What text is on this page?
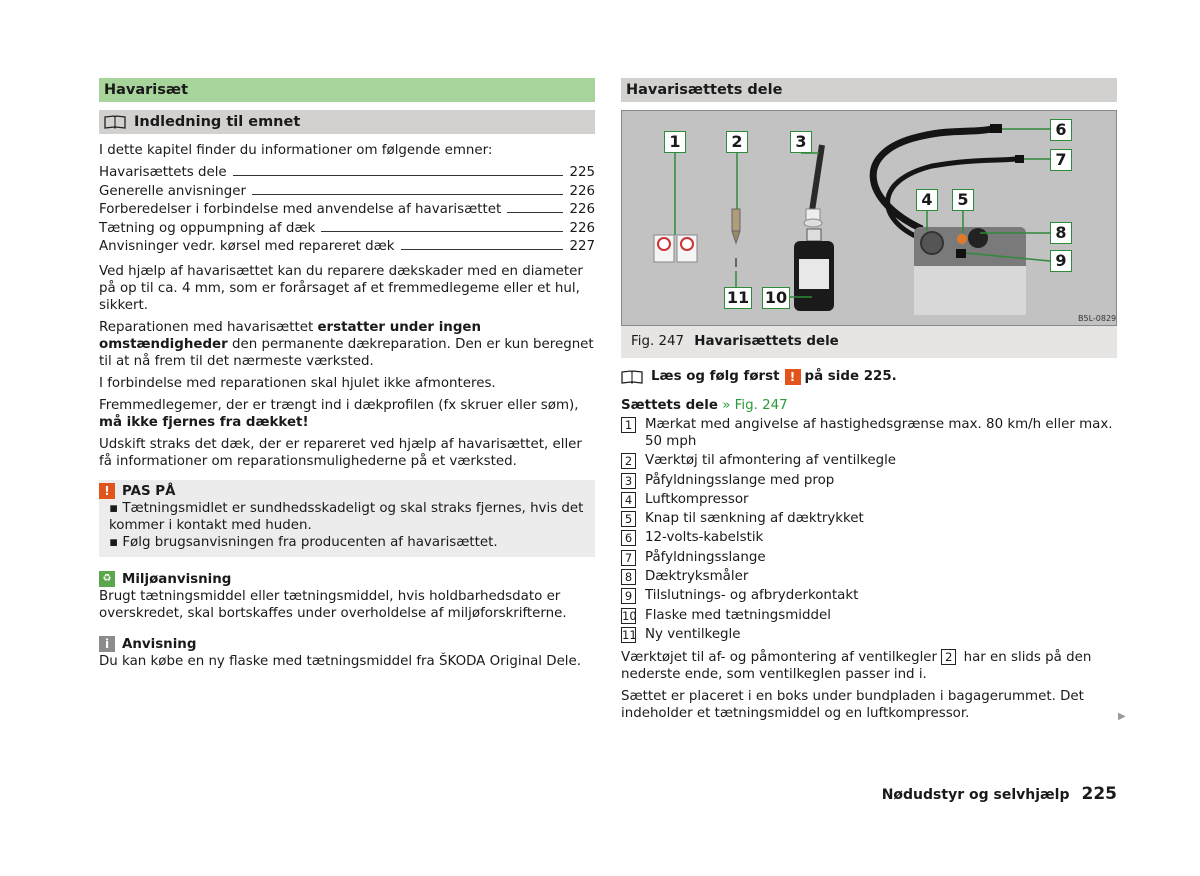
Havarisæt
Indledning til emnet

I dette kapitel finder du informationer om følgende emner:

Havarisættets dele	225
Generelle anvisninger	226
Forberedelser i forbindelse med anvendelse af havarisættet	226
Tætning og oppumpning af dæk	226
Anvisninger vedr. kørsel med repareret dæk	227

Ved hjælp af havarisættet kan du reparere dækskader med en diameter på op til ca. 4 mm, som er forårsaget af et fremmedlegeme eller et hul, sikkert.

Reparationen med havarisættet erstatter under ingen omstændigheder den permanente dækreparation. Den er kun beregnet til at nå frem til det nærmeste værksted.

I forbindelse med reparationen skal hjulet ikke afmonteres.

Fremmedlegemer, der er trængt ind i dækprofilen (fx skruer eller søm), må ikke fjernes fra dækket!

Udskift straks det dæk, der er repareret ved hjælp af havarisættet, eller få informationer om reparationsmulighederne på et værksted.

! PAS PÅ
▪ Tætningsmidlet er sundhedsskadeligt og skal straks fjernes, hvis det kommer i kontakt med huden.
▪ Følg brugsanvisningen fra producenten af havarisættet.
♻ Miljøanvisning

Brugt tætningsmiddel eller tætningsmiddel, hvis holdbarhedsdato er overskredet, skal bortskaffes under overholdelse af miljøforskrifterne.

i Anvisning

Du kan købe en ny flaske med tætningsmiddel fra ŠKODA Original Dele.

Havarisættets dele
B5L-0829
1	2	3
4	5
6
7
8
9
10
11
Fig. 247 Havarisættets dele
Læs og følg først ! på side 225.
Sættets dele » Fig. 247
1 Mærkat med angivelse af hastighedsgrænse max. 80 km/h eller max. 50 mph
2 Værktøj til afmontering af ventilkegle
3 Påfyldningsslange med prop
4 Luftkompressor
5 Knap til sænkning af dæktrykket
6 12-volts-kabelstik
7 Påfyldningsslange
8 Dæktryksmåler
9 Tilslutnings- og afbryderkontakt
10 Flaske med tætningsmiddel
11 Ny ventilkegle

Værktøjet til af- og påmontering af ventilkegler 2 har en slids på den nederste ende, som ventilkeglen passer ind i.

Sættet er placeret i en boks under bundpladen i bagagerummet. Det indeholder et tætningsmiddel og en luftkompressor.	▶
Nødudstyr og selvhjælp 225
